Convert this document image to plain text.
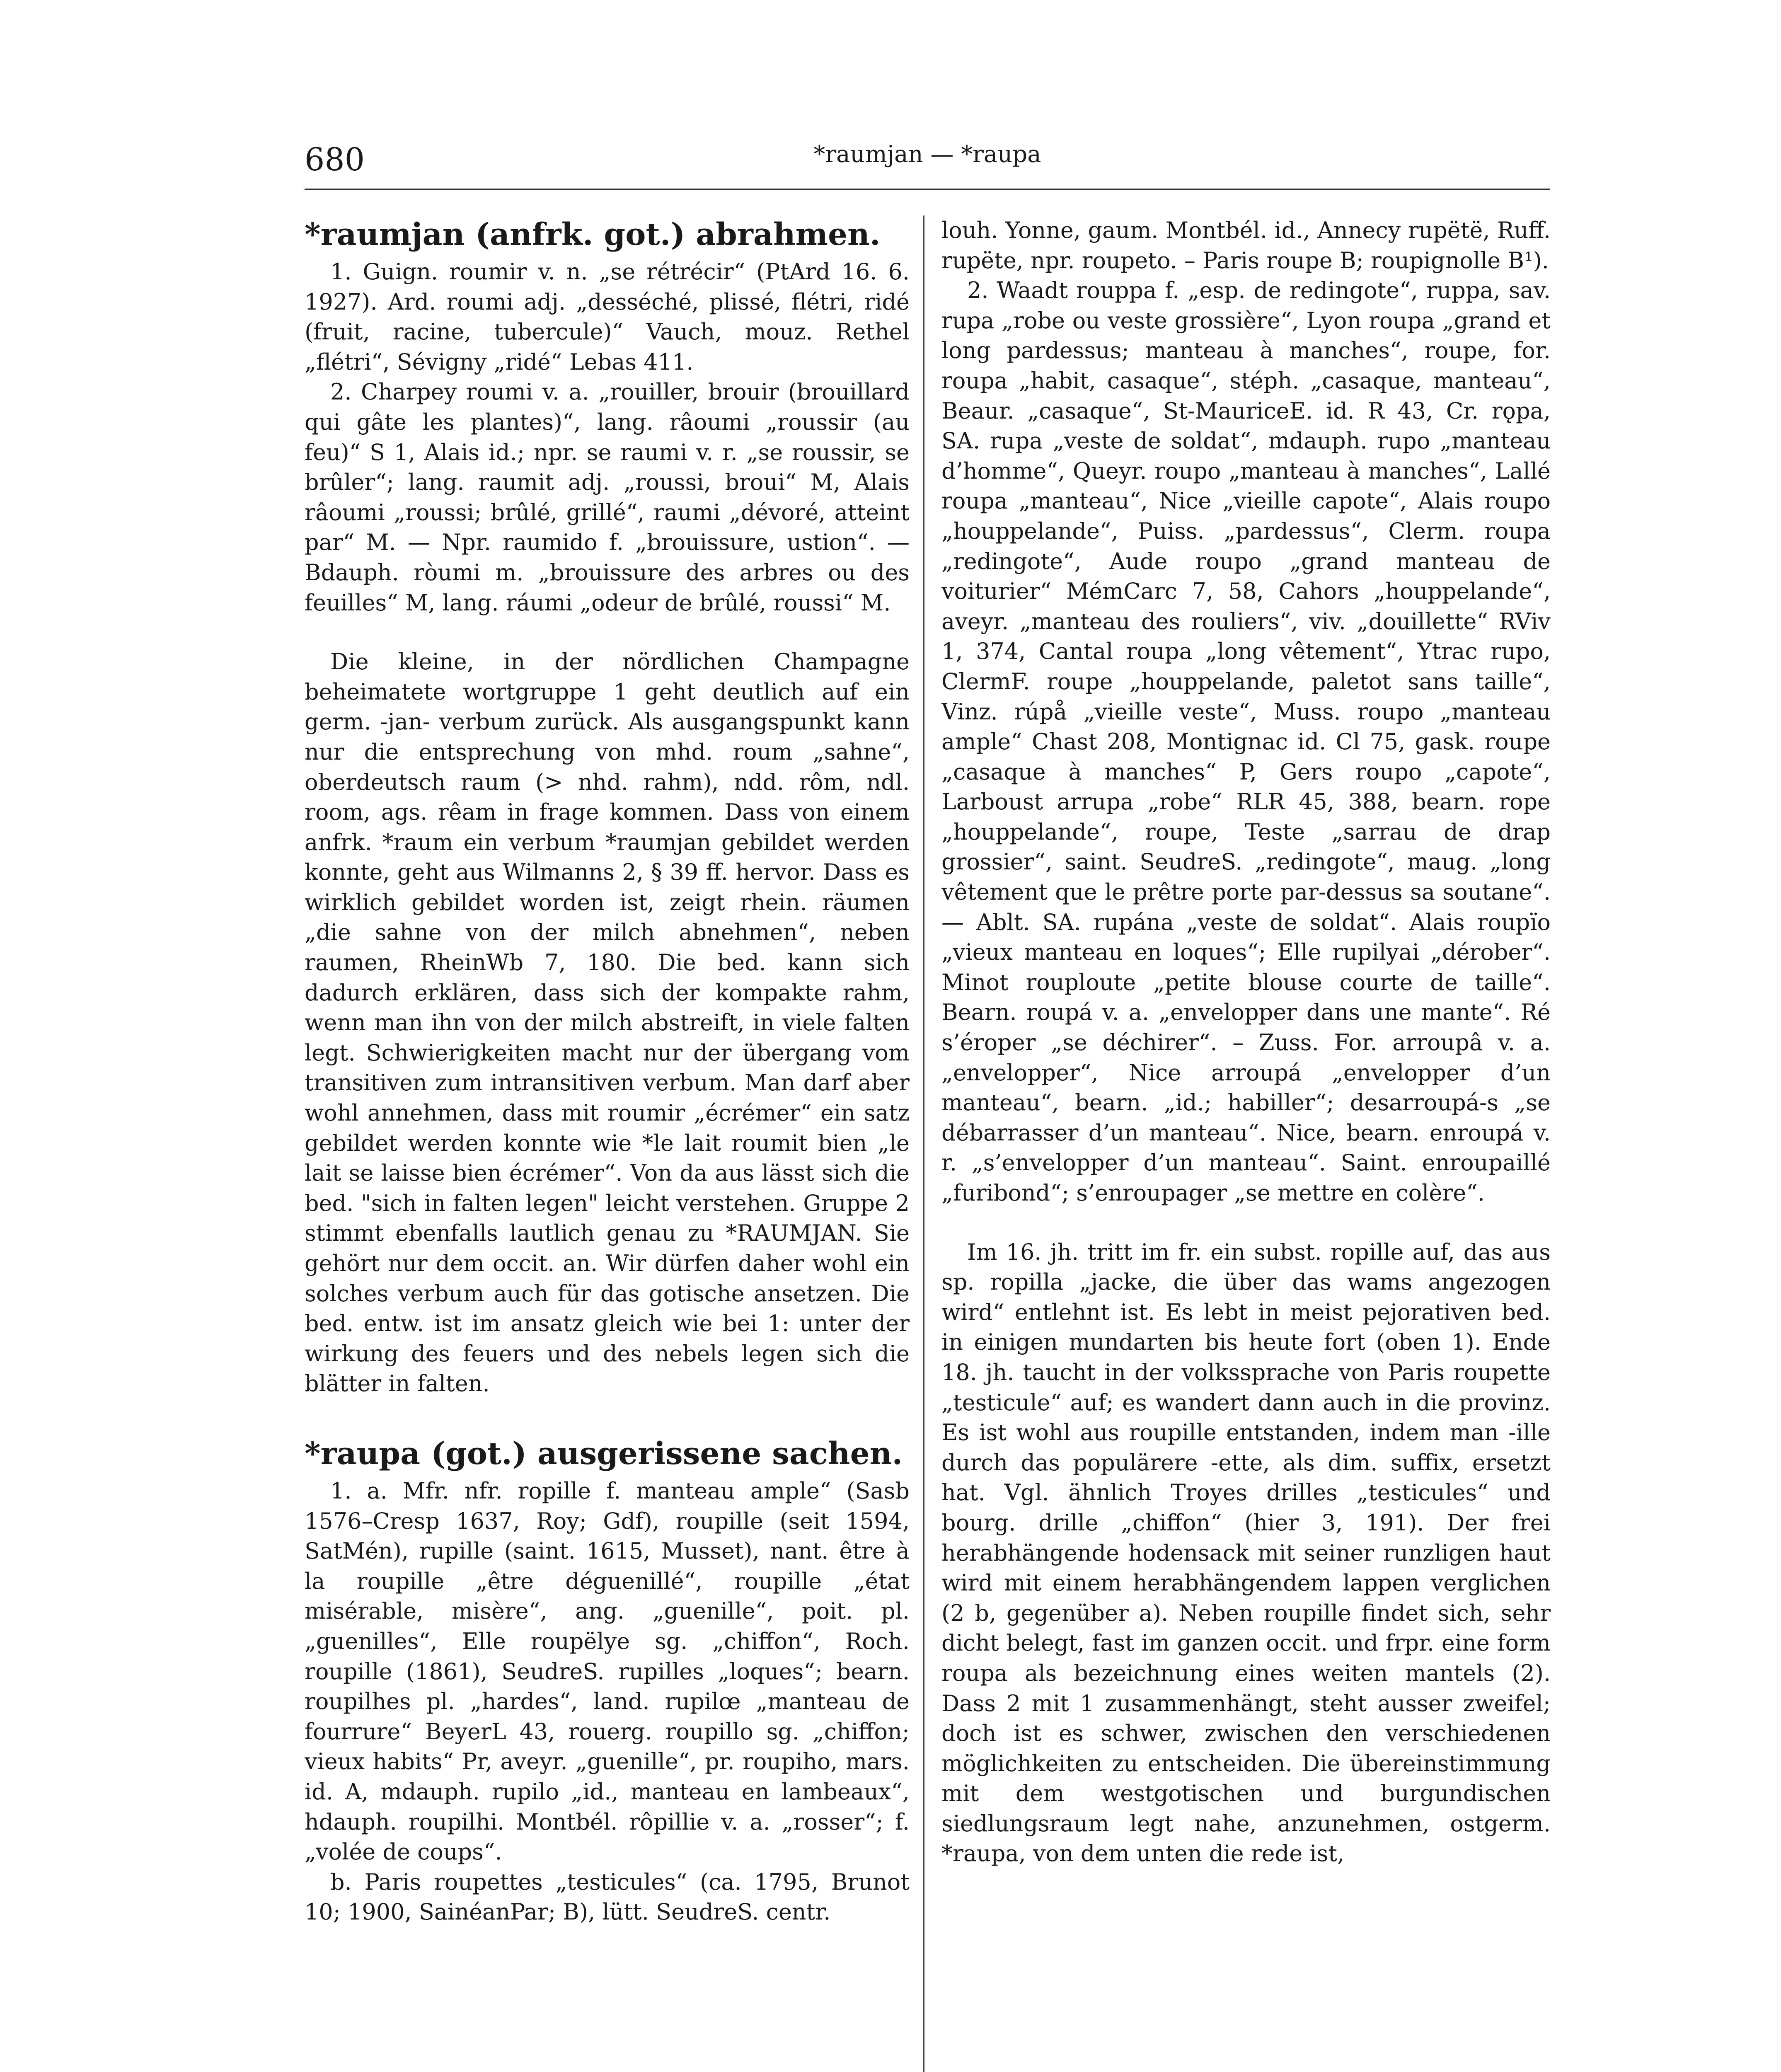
680	*raumjan — *raupa
*raumjan (anfrk. got.) abrahmen.

1. Guign. roumir v. n. „se rétrécir“ (PtArd 16. 6. 1927). Ard. roumi adj. „desséché, plissé, flétri, ridé (fruit, racine, tubercule)“ Vauch, mouz. Rethel „flétri“, Sévigny „ridé“ Lebas 411.

2. Charpey roumi v. a. „rouiller, brouir (brouillard qui gâte les plantes)“, lang. râoumi „roussir (au feu)“ S 1, Alais id.; npr. se raumi v. r. „se roussir, se brûler“; lang. raumit adj. „roussi, broui“ M, Alais râoumi „roussi; brûlé, grillé“, raumi „dévoré, atteint par“ M. — Npr. raumido f. „brouissure, ustion“. — Bdauph. ròumi m. „brouissure des arbres ou des feuilles“ M, lang. ráumi „odeur de brûlé, roussi“ M.

Die kleine, in der nördlichen Champagne beheimatete wortgruppe 1 geht deutlich auf ein germ. -jan- verbum zurück. Als ausgangspunkt kann nur die entsprechung von mhd. roum „sahne“, oberdeutsch raum (> nhd. rahm), ndd. rôm, ndl. room, ags. rêam in frage kommen. Dass von einem anfrk. *raum ein verbum *raumjan gebildet werden konnte, geht aus Wilmanns 2, § 39 ff. hervor. Dass es wirklich gebildet worden ist, zeigt rhein. räumen „die sahne von der milch abnehmen“, neben raumen, RheinWb 7, 180. Die bed. kann sich dadurch erklären, dass sich der kompakte rahm, wenn man ihn von der milch abstreift, in viele falten legt. Schwierigkeiten macht nur der übergang vom transitiven zum intransitiven verbum. Man darf aber wohl annehmen, dass mit roumir „écrémer“ ein satz gebildet werden konnte wie *le lait roumit bien „le lait se laisse bien écrémer“. Von da aus lässt sich die bed. "sich in falten legen" leicht verstehen. Gruppe 2 stimmt ebenfalls lautlich genau zu *RAUMJAN. Sie gehört nur dem occit. an. Wir dürfen daher wohl ein solches verbum auch für das gotische ansetzen. Die bed. entw. ist im ansatz gleich wie bei 1: unter der wirkung des feuers und des nebels legen sich die blätter in falten.

*raupa (got.) ausgerissene sachen.

1. a. Mfr. nfr. ropille f. manteau ample“ (Sasb 1576–Cresp 1637, Roy; Gdf), roupille (seit 1594, SatMén), rupille (saint. 1615, Musset), nant. être à la roupille „être déguenillé“, roupille „état misérable, misère“, ang. „guenille“, poit. pl. „guenilles“, Elle roupëlye sg. „chiffon“, Roch. roupille (1861), SeudreS. rupilles „loques“; bearn. roupilhes pl. „hardes“, land. rupilœ „manteau de fourrure“ BeyerL 43, rouerg. roupillo sg. „chiffon; vieux habits“ Pr, aveyr. „guenille“, pr. roupiho, mars. id. A, mdauph. rupilo „id., manteau en lambeaux“, hdauph. roupilhi. Montbél. rôpillie v. a. „rosser“; f. „volée de coups“.

b. Paris roupettes „testicules“ (ca. 1795, Brunot 10; 1900, SainéanPar; B), lütt. SeudreS. centr.

louh. Yonne, gaum. Montbél. id., Annecy rupëtë, Ruff. rupëte, npr. roupeto. – Paris roupe B; roupignolle B¹).

2. Waadt rouppa f. „esp. de redingote“, ruppa, sav. rupa „robe ou veste grossière“, Lyon roupa „grand et long pardessus; manteau à manches“, roupe, for. roupa „habit, casaque“, stéph. „casaque, manteau“, Beaur. „casaque“, St-MauriceE. id. R 43, Cr. rǫpa, SA. rupa „veste de soldat“, mdauph. rupo „manteau d’homme“, Queyr. roupo „manteau à manches“, Lallé roupa „manteau“, Nice „vieille capote“, Alais roupo „houppelande“, Puiss. „pardessus“, Clerm. roupa „redingote“, Aude roupo „grand manteau de voiturier“ MémCarc 7, 58, Cahors „houppelande“, aveyr. „manteau des rouliers“, viv. „douillette“ RViv 1, 374, Cantal roupa „long vêtement“, Ytrac rupo, ClermF. roupe „houppelande, paletot sans taille“, Vinz. rúpå „vieille veste“, Muss. roupo „manteau ample“ Chast 208, Montignac id. Cl 75, gask. roupe „casaque à manches“ P, Gers roupo „capote“, Larboust arrupa „robe“ RLR 45, 388, bearn. rope „houppelande“, roupe, Teste „sarrau de drap grossier“, saint. SeudreS. „redingote“, maug. „long vêtement que le prêtre porte par-dessus sa soutane“. — Ablt. SA. rupána „veste de soldat“. Alais roupïo „vieux manteau en loques“; Elle rupilyai „dérober“. Minot rouploute „petite blouse courte de taille“. Bearn. roupá v. a. „envelopper dans une mante“. Ré s’éroper „se déchirer“. – Zuss. For. arroupâ v. a. „envelopper“, Nice arroupá „envelopper d’un manteau“, bearn. „id.; habiller“; desarroupá-s „se débarrasser d’un manteau“. Nice, bearn. enroupá v. r. „s’envelopper d’un manteau“. Saint. enroupaillé „furibond“; s’enroupager „se mettre en colère“.

Im 16. jh. tritt im fr. ein subst. ropille auf, das aus sp. ropilla „jacke, die über das wams angezogen wird“ entlehnt ist. Es lebt in meist pejorativen bed. in einigen mundarten bis heute fort (oben 1). Ende 18. jh. taucht in der volkssprache von Paris roupette „testicule“ auf; es wandert dann auch in die provinz. Es ist wohl aus roupille entstanden, indem man -ille durch das populärere -ette, als dim. suffix, ersetzt hat. Vgl. ähnlich Troyes drilles „testicules“ und bourg. drille „chiffon“ (hier 3, 191). Der frei herabhängende hodensack mit seiner runzligen haut wird mit einem herabhängendem lappen verglichen (2 b, gegenüber a). Neben roupille findet sich, sehr dicht belegt, fast im ganzen occit. und frpr. eine form roupa als bezeichnung eines weiten mantels (2). Dass 2 mit 1 zusammenhängt, steht ausser zweifel; doch ist es schwer, zwischen den verschiedenen möglichkeiten zu entscheiden. Die übereinstimmung mit dem westgotischen und burgundischen siedlungsraum legt nahe, anzunehmen, ostgerm. *raupa, von dem unten die rede ist,
